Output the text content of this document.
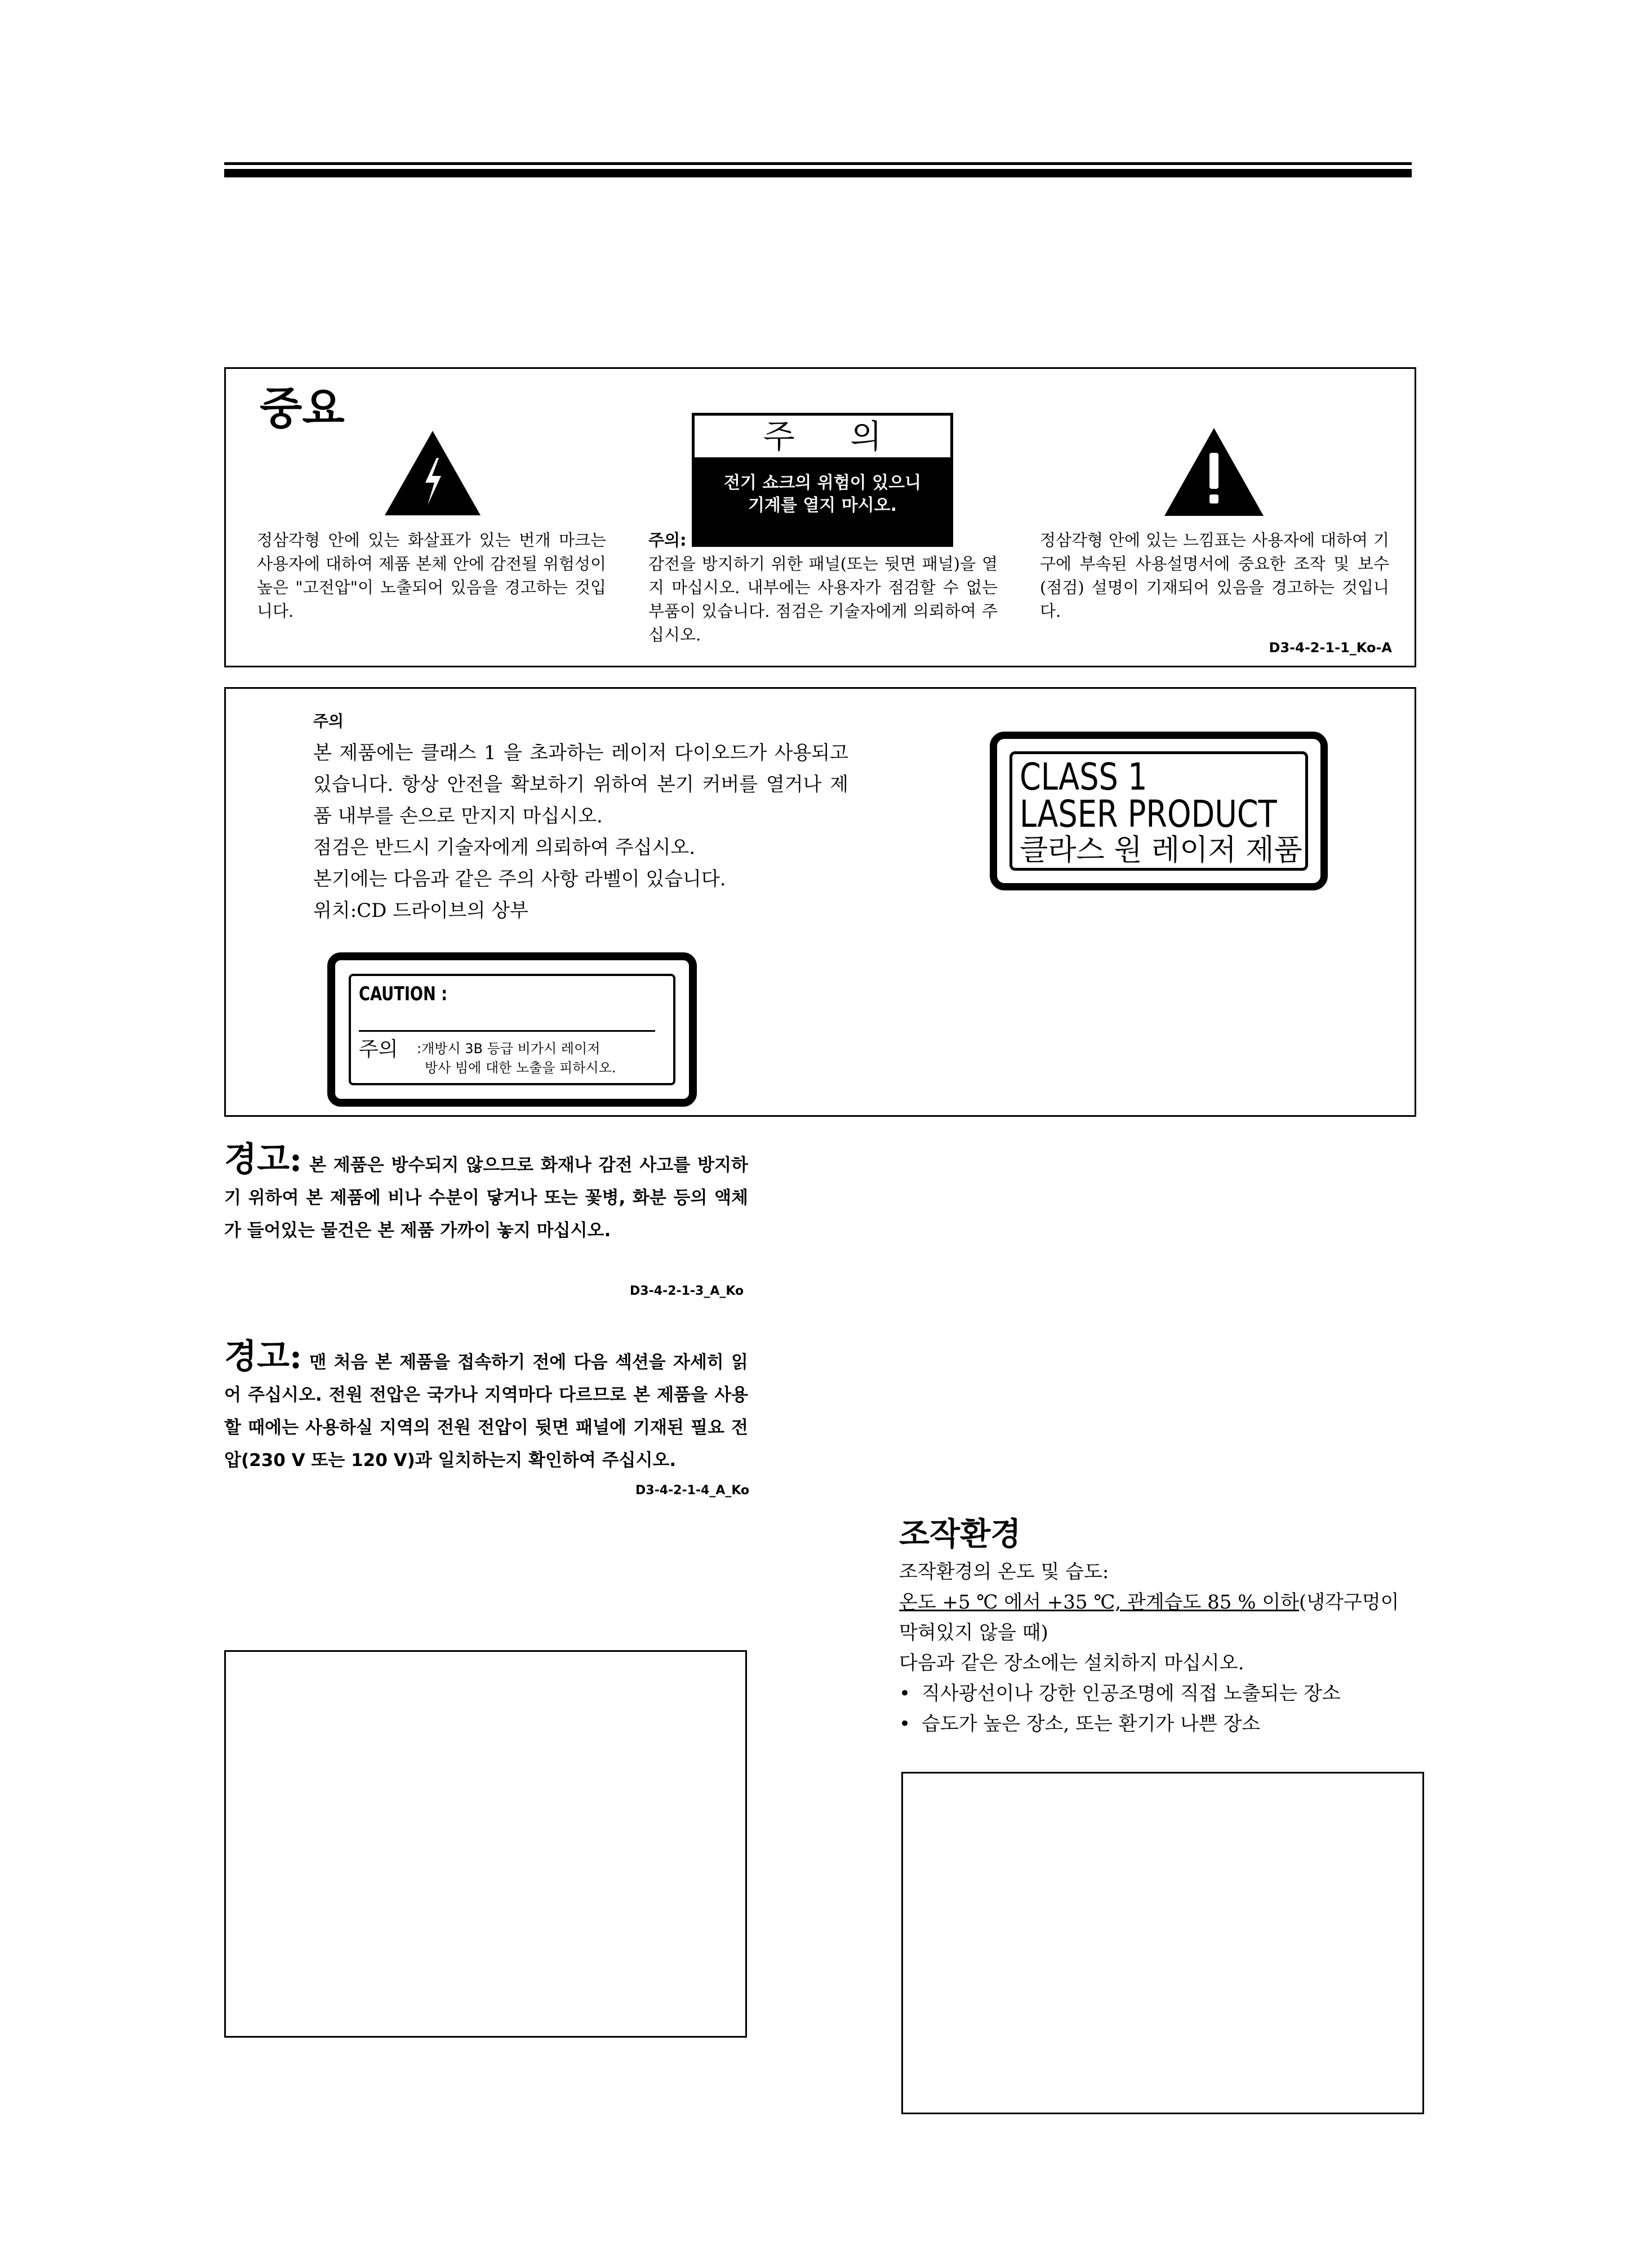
중요
주 의
전기 쇼크의 위험이 있으니
기계를 열지 마시오.
정삼각형 안에 있는 화살표가 있는 번개 마크는 사용자에 대하여 제품 본체 안에 감전될 위험성이 높은 "고전압"이 노출되어 있음을 경고하는 것입니다.
주의:
감전을 방지하기 위한 패널(또는 뒷면 패널)을 열지 마십시오. 내부에는 사용자가 점검할 수 없는 부품이 있습니다. 점검은 기술자에게 의뢰하여 주십시오.
정삼각형 안에 있는 느낌표는 사용자에 대하여 기구에 부속된 사용설명서에 중요한 조작 및 보수(점검) 설명이 기재되어 있음을 경고하는 것입니다.
D3-4-2-1-1_Ko-A
주의
본 제품에는 클래스 1 을 초과하는 레이저 다이오드가 사용되고 있습니다. 항상 안전을 확보하기 위하여 본기 커버를 열거나 제품 내부를 손으로 만지지 마십시오.
점검은 반드시 기술자에게 의뢰하여 주십시오.
본기에는 다음과 같은 주의 사항 라벨이 있습니다.
위치:CD 드라이브의 상부
CLASS 1
LASER PRODUCT
클라스 원 레이저 제품
CAUTION :
주의 :개방시 3B 등급 비가시 레이저
방사 빔에 대한 노출을 피하시오.
경고: 본 제품은 방수되지 않으므로 화재나 감전 사고를 방지하기 위하여 본 제품에 비나 수분이 닿거나 또는 꽃병, 화분 등의 액체가 들어있는 물건은 본 제품 가까이 놓지 마십시오.
D3-4-2-1-3_A_Ko
경고: 맨 처음 본 제품을 접속하기 전에 다음 섹션을 자세히 읽어 주십시오. 전원 전압은 국가나 지역마다 다르므로 본 제품을 사용할 때에는 사용하실 지역의 전원 전압이 뒷면 패널에 기재된 필요 전압(230 V 또는 120 V)과 일치하는지 확인하여 주십시오.
D3-4-2-1-4_A_Ko
조작환경
조작환경의 온도 및 습도:
온도 +5 ℃ 에서 +35 ℃, 관계습도 85 % 이하(냉각구멍이 막혀있지 않을 때)
다음과 같은 장소에는 설치하지 마십시오.
• 직사광선이나 강한 인공조명에 직접 노출되는 장소
• 습도가 높은 장소, 또는 환기가 나쁜 장소
